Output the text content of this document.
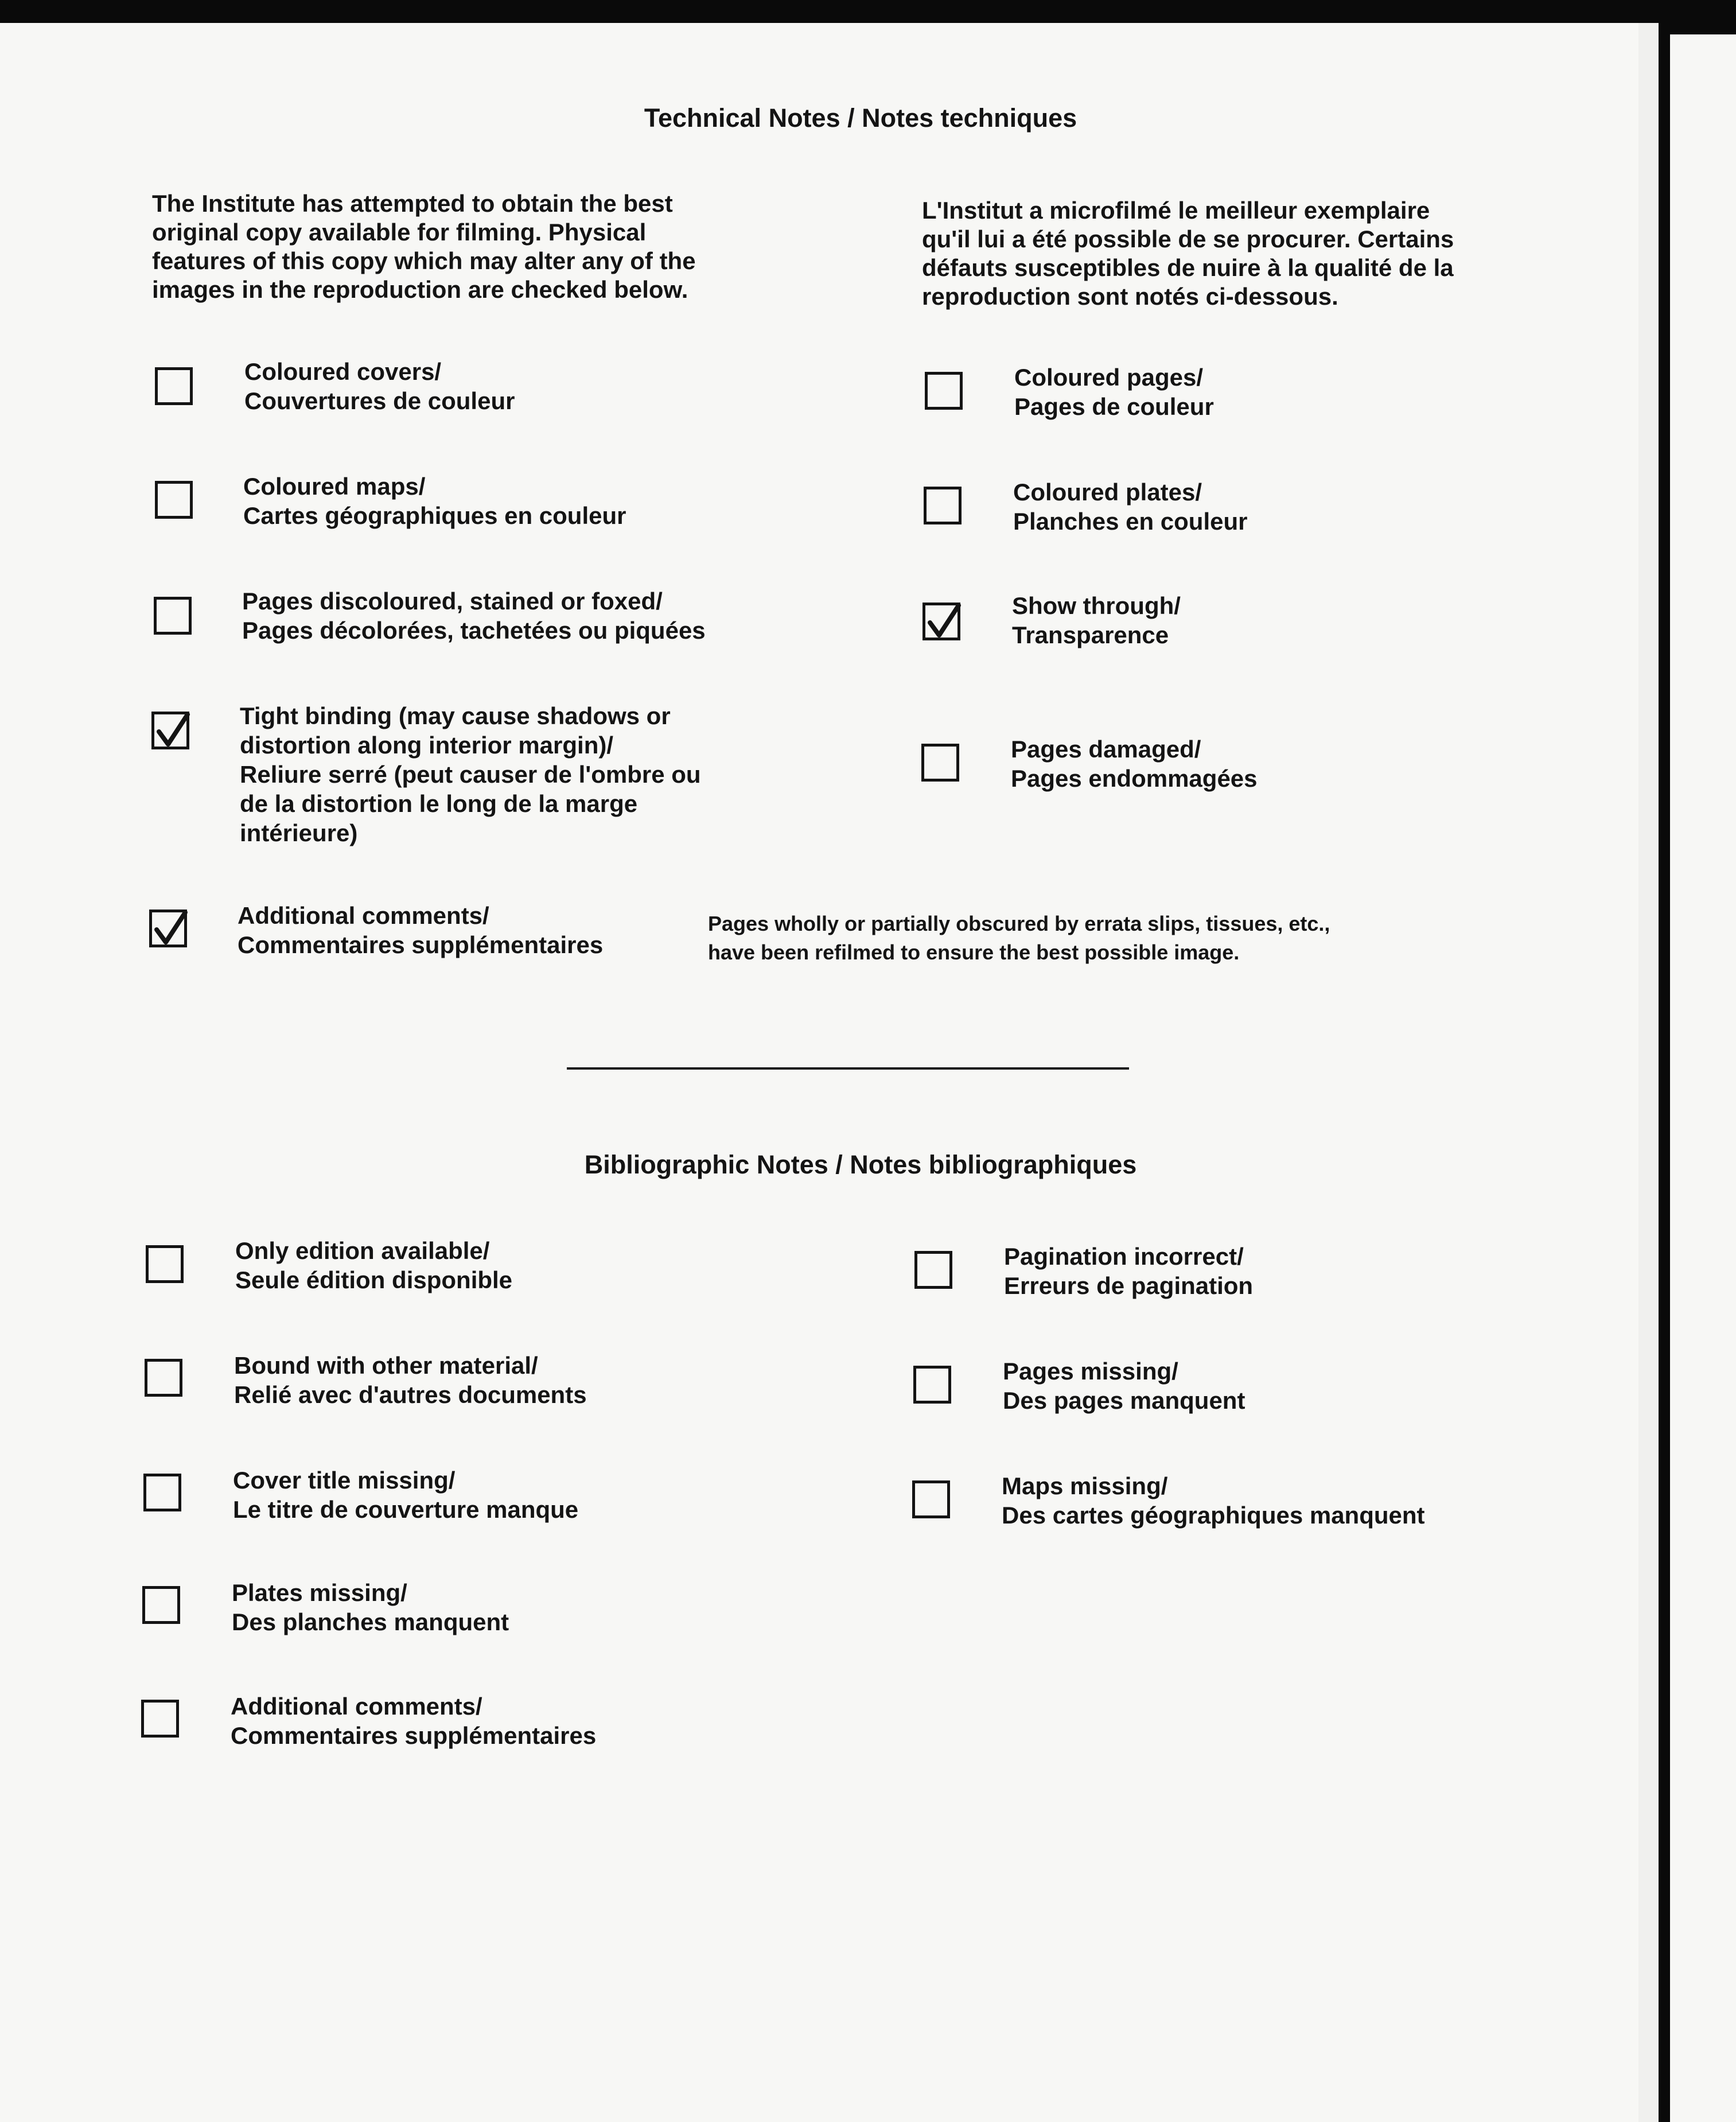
Technical Notes / Notes techniques
The Institute has attempted to obtain the best
original copy available for filming. Physical
features of this copy which may alter any of the
images in the reproduction are checked below.
L'Institut a microfilmé le meilleur exemplaire
qu'il lui a été possible de se procurer. Certains
défauts susceptibles de nuire à la qualité de la
reproduction sont notés ci-dessous.
Coloured covers/
Couvertures de couleur
Coloured maps/
Cartes géographiques en couleur
Pages discoloured, stained or foxed/
Pages décolorées, tachetées ou piquées
Tight binding (may cause shadows or
distortion along interior margin)/
Reliure serré (peut causer de l'ombre ou
de la distortion le long de la marge
intérieure)
Additional comments/
Commentaires supplémentaires
Pages wholly or partially obscured by errata slips, tissues, etc.,
have been refilmed to ensure the best possible image.
Coloured pages/
Pages de couleur
Coloured plates/
Planches en couleur
Show through/
Transparence
Pages damaged/
Pages endommagées
Bibliographic Notes / Notes bibliographiques
Only edition available/
Seule édition disponible
Bound with other material/
Relié avec d'autres documents
Cover title missing/
Le titre de couverture manque
Plates missing/
Des planches manquent
Additional comments/
Commentaires supplémentaires
Pagination incorrect/
Erreurs de pagination
Pages missing/
Des pages manquent
Maps missing/
Des cartes géographiques manquent
